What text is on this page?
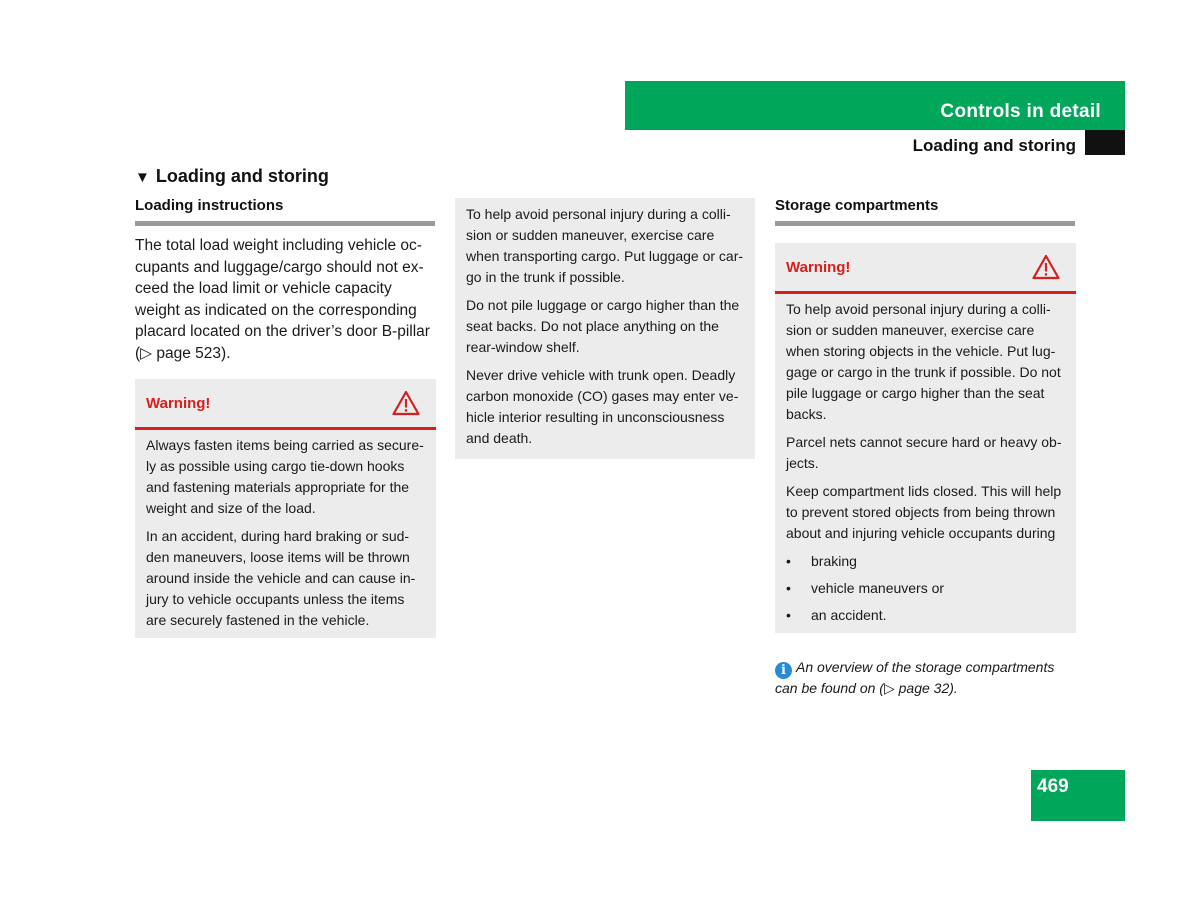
Controls in detail
Loading and storing
▼ Loading and storing
Loading instructions

The total load weight including vehicle occupants and luggage/cargo should not exceed the load limit or vehicle capacity weight as indicated on the corresponding placard located on the driver’s door B-pillar (▷ page 523).

Warning!

Always fasten items being carried as securely as possible using cargo tie-down hooks and fastening materials appropriate for the weight and size of the load.

In an accident, during hard braking or sudden maneuvers, loose items will be thrown around inside the vehicle and can cause injury to vehicle occupants unless the items are securely fastened in the vehicle.

To help avoid personal injury during a collision or sudden maneuver, exercise care when transporting cargo. Put luggage or cargo in the trunk if possible.

Do not pile luggage or cargo higher than the seat backs. Do not place anything on the rear-window shelf.

Never drive vehicle with trunk open. Deadly carbon monoxide (CO) gases may enter vehicle interior resulting in unconsciousness and death.

Storage compartments
Warning!

To help avoid personal injury during a collision or sudden maneuver, exercise care when storing objects in the vehicle. Put luggage or cargo in the trunk if possible. Do not pile luggage or cargo higher than the seat backs.

Parcel nets cannot secure hard or heavy objects.

Keep compartment lids closed. This will help to prevent stored objects from being thrown about and injuring vehicle occupants during

• braking
• vehicle maneuvers or
• an accident.
i An overview of the storage compartments can be found on (▷ page 32).
469
